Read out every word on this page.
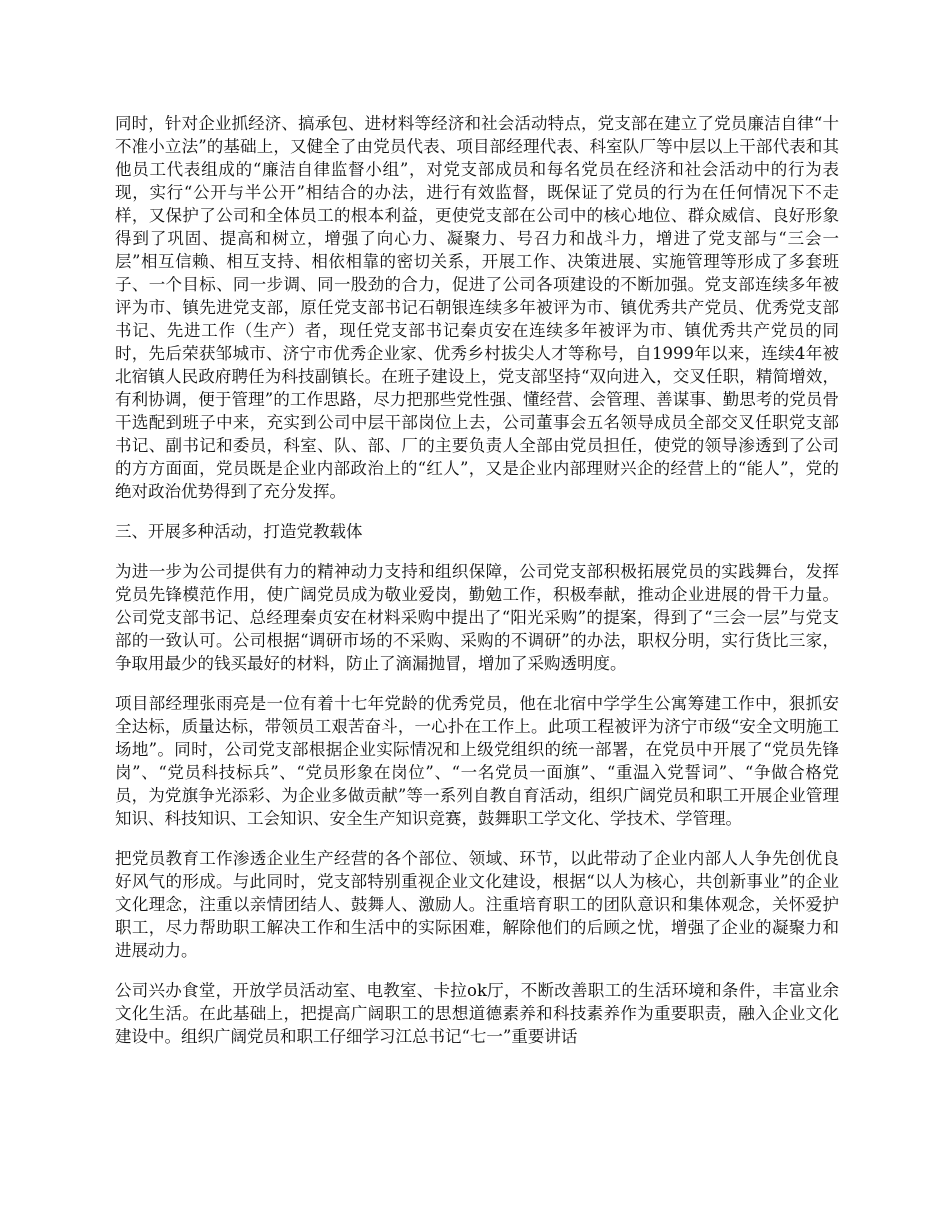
同时，针对企业抓经济、搞承包、进材料等经济和社会活动特点，党支部在建立了党员廉洁自律“十不准小立法”的基础上，又健全了由党员代表、项目部经理代表、科室队厂等中层以上干部代表和其他员工代表组成的“廉洁自律监督小组”，对党支部成员和每名党员在经济和社会活动中的行为表现，实行“公开与半公开”相结合的办法，进行有效监督，既保证了党员的行为在任何情况下不走样，又保护了公司和全体员工的根本利益，更使党支部在公司中的核心地位、群众威信、良好形象得到了巩固、提高和树立，增强了向心力、凝聚力、号召力和战斗力，增进了党支部与“三会一层”相互信赖、相互支持、相依相靠的密切关系，开展工作、决策进展、实施管理等形成了多套班子、一个目标、同一步调、同一股劲的合力，促进了公司各项建设的不断加强。党支部连续多年被评为市、镇先进党支部，原任党支部书记石朝银连续多年被评为市、镇优秀共产党员、优秀党支部书记、先进工作（生产）者，现任党支部书记秦贞安在连续多年被评为市、镇优秀共产党员的同时，先后荣获邹城市、济宁市优秀企业家、优秀乡村拔尖人才等称号，自1999年以来，连续4年被北宿镇人民政府聘任为科技副镇长。在班子建设上，党支部坚持“双向进入，交叉任职，精简增效，有利协调，便于管理”的工作思路，尽力把那些党性强、懂经营、会管理、善谋事、勤思考的党员骨干选配到班子中来，充实到公司中层干部岗位上去，公司董事会五名领导成员全部交叉任职党支部书记、副书记和委员，科室、队、部、厂的主要负责人全部由党员担任，使党的领导渗透到了公司的方方面面，党员既是企业内部政治上的“红人”，又是企业内部理财兴企的经营上的“能人”，党的绝对政治优势得到了充分发挥。

三、开展多种活动，打造党教载体

为进一步为公司提供有力的精神动力支持和组织保障，公司党支部积极拓展党员的实践舞台，发挥党员先锋模范作用，使广阔党员成为敬业爱岗，勤勉工作，积极奉献，推动企业进展的骨干力量。公司党支部书记、总经理秦贞安在材料采购中提出了“阳光采购”的提案，得到了“三会一层”与党支部的一致认可。公司根据“调研市场的不采购、采购的不调研”的办法，职权分明，实行货比三家，争取用最少的钱买最好的材料，防止了滴漏抛冒，增加了采购透明度。

项目部经理张雨亮是一位有着十七年党龄的优秀党员，他在北宿中学学生公寓筹建工作中，狠抓安全达标，质量达标，带领员工艰苦奋斗，一心扑在工作上。此项工程被评为济宁市级“安全文明施工场地”。同时，公司党支部根据企业实际情况和上级党组织的统一部署，在党员中开展了“党员先锋岗”、“党员科技标兵”、“党员形象在岗位”、“一名党员一面旗”、“重温入党誓词”、“争做合格党员，为党旗争光添彩、为企业多做贡献”等一系列自教自育活动，组织广阔党员和职工开展企业管理知识、科技知识、工会知识、安全生产知识竞赛，鼓舞职工学文化、学技术、学管理。

把党员教育工作渗透企业生产经营的各个部位、领域、环节，以此带动了企业内部人人争先创优良好风气的形成。与此同时，党支部特别重视企业文化建设，根据“以人为核心，共创新事业”的企业文化理念，注重以亲情团结人、鼓舞人、激励人。注重培育职工的团队意识和集体观念，关怀爱护职工，尽力帮助职工解决工作和生活中的实际困难，解除他们的后顾之忧，增强了企业的凝聚力和进展动力。

公司兴办食堂，开放学员活动室、电教室、卡拉ok厅，不断改善职工的生活环境和条件，丰富业余文化生活。在此基础上，把提高广阔职工的思想道德素养和科技素养作为重要职责，融入企业文化建设中。组织广阔党员和职工仔细学习江总书记“七一”重要讲话
